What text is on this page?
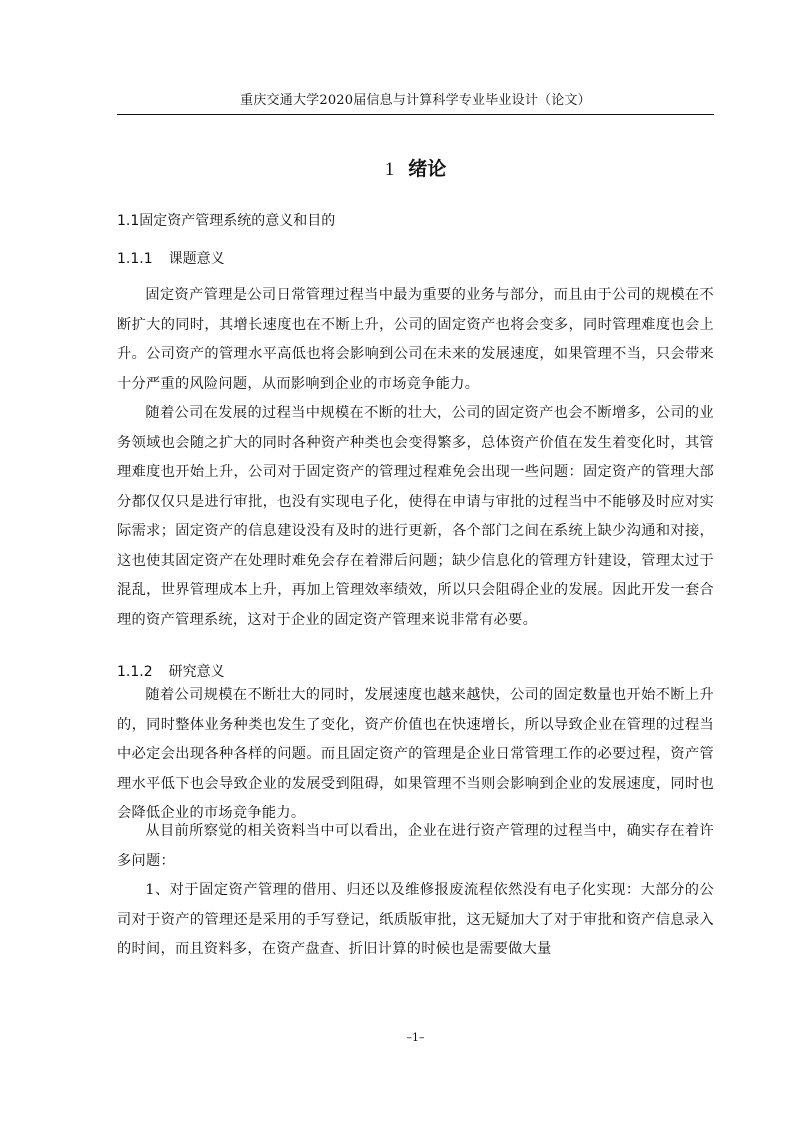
重庆交通大学2020届信息与计算科学专业毕业设计（论文）
1 绪论
1.1固定资产管理系统的意义和目的
1.1.1 课题意义

固定资产管理是公司日常管理过程当中最为重要的业务与部分，而且由于公司的规模在不断扩大的同时，其增长速度也在不断上升，公司的固定资产也将会变多，同时管理难度也会上升。公司资产的管理水平高低也将会影响到公司在未来的发展速度，如果管理不当，只会带来十分严重的风险问题，从而影响到企业的市场竞争能力。

随着公司在发展的过程当中规模在不断的壮大，公司的固定资产也会不断增多，公司的业务领域也会随之扩大的同时各种资产种类也会变得繁多，总体资产价值在发生着变化时，其管理难度也开始上升，公司对于固定资产的管理过程难免会出现一些问题：固定资产的管理大部分都仅仅只是进行审批，也没有实现电子化，使得在申请与审批的过程当中不能够及时应对实际需求；固定资产的信息建设没有及时的进行更新，各个部门之间在系统上缺少沟通和对接，这也使其固定资产在处理时难免会存在着滞后问题；缺少信息化的管理方针建设，管理太过于混乱，世界管理成本上升，再加上管理效率绩效，所以只会阻碍企业的发展。因此开发一套合理的资产管理系统，这对于企业的固定资产管理来说非常有必要。

1.1.2 研究意义

随着公司规模在不断壮大的同时，发展速度也越来越快，公司的固定数量也开始不断上升的，同时整体业务种类也发生了变化，资产价值也在快速增长，所以导致企业在管理的过程当中必定会出现各种各样的问题。而且固定资产的管理是企业日常管理工作的必要过程，资产管理水平低下也会导致企业的发展受到阻碍，如果管理不当则会影响到企业的发展速度，同时也会降低企业的市场竞争能力。

从目前所察觉的相关资料当中可以看出，企业在进行资产管理的过程当中，确实存在着许多问题：

1、对于固定资产管理的借用、归还以及维修报废流程依然没有电子化实现：大部分的公司对于资产的管理还是采用的手写登记，纸质版审批，这无疑加大了对于审批和资产信息录入的时间，而且资料多，在资产盘查、折旧计算的时候也是需要做大量

–1–
